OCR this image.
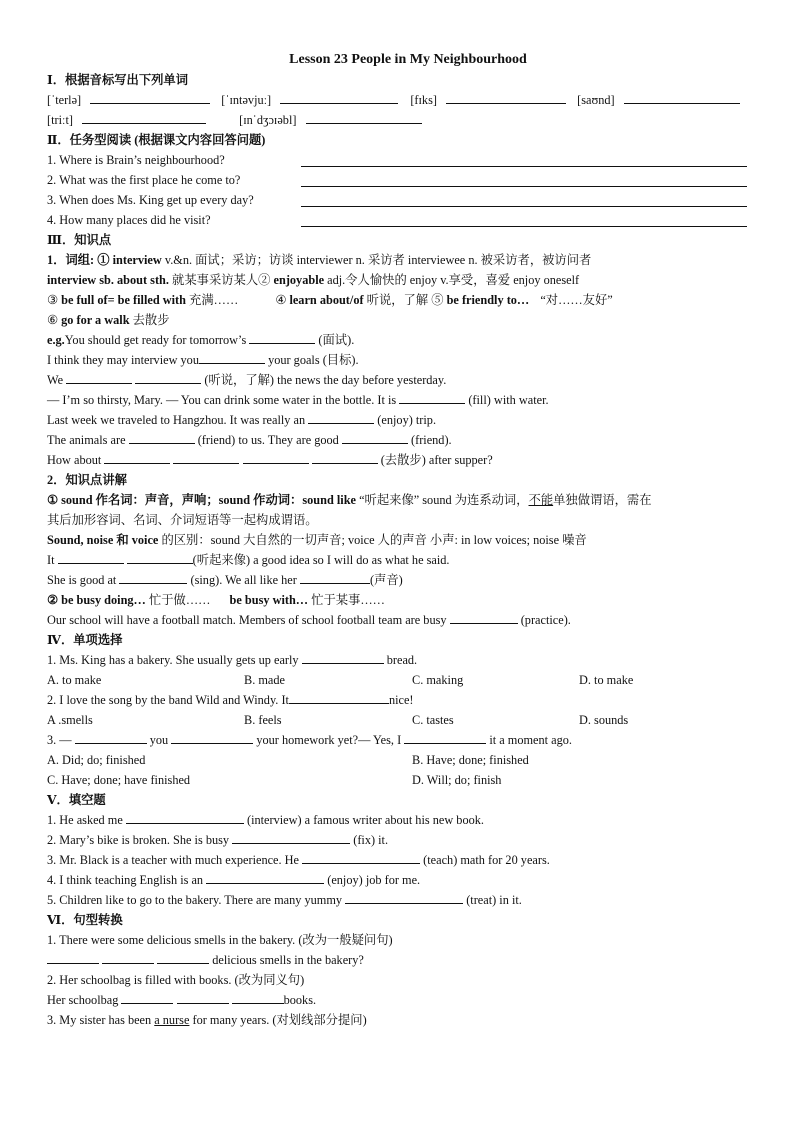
Lesson 23 People in My Neighbourhood
Ⅰ．根据音标写出下列单词
[ˈterlə]	[ˈɪntəvjuː]	[fɪks]	[saʊnd]
[triːt]	[ɪnˈdʒɔɪəbl]
Ⅱ．任务型阅读 (根据课文内容回答问题)
1. Where is Brain’s neighbourhood?
2. What was the first place he come to?
3. When does Ms. King get up every day?
4. How many places did he visit?
Ⅲ．知识点
1．词组: ① interview v.&n. 面试；采访；访谈 interviewer n. 采访者 interviewee n. 被采访者，被访问者
interview sb. about sth. 就某事采访某人② enjoyable adj.令人愉快的 enjoy v.享受，喜爱 enjoy oneself
③ be full of= be filled with 充满……	④ learn about/of 听说，了解 ⑤ be friendly to… “对……友好”
⑥ go for a walk 去散步
e.g.You should get ready for tomorrow’s	(面试).
I think they may interview you	your goals (目标).
We	(听说，了解) the news the day before yesterday.
— I’m so thirsty, Mary. — You can drink some water in the bottle. It is	(fill) with water.
Last week we traveled to Hangzhou. It was really an	(enjoy) trip.
The animals are	(friend) to us. They are good	(friend).
How about	(去散步) after supper?
2．知识点讲解
① sound 作名词：声音，声响；sound 作动词：sound like “听起来像” sound 为连系动词，不能单独做谓语，需在
其后加形容词、名词、介词短语等一起构成谓语。
Sound, noise 和 voice 的区别：sound 大自然的一切声音; voice 人的声音 小声: in low voices; noise 噪音
It	(听起来像) a good idea so I will do as what he said.
She is good at	(sing). We all like her	(声音)
② be busy doing… 忙于做…… be busy with… 忙于某事……
Our school will have a football match. Members of school football team are busy	(practice).
Ⅳ．单项选择
1. Ms. King has a bakery. She usually gets up early	bread.
A. to make	B. made	C. making	D. to make
2. I love the song by the band Wild and Windy. It	nice!
A .smells	B. feels	C. tastes	D. sounds
3. —	you	your homework yet?— Yes, I	it a moment ago.
A. Did; do; finished	B. Have; done; finished
C. Have; done; have finished	D. Will; do; finish
Ⅴ．填空题
1. He asked me	(interview) a famous writer about his new book.
2. Mary’s bike is broken. She is busy	(fix) it.
3. Mr. Black is a teacher with much experience. He	(teach) math for 20 years.
4. I think teaching English is an	(enjoy) job for me.
5. Children like to go to the bakery. There are many yummy	(treat) in it.
Ⅵ．句型转换
1. There were some delicious smells in the bakery. (改为一般疑问句)
delicious smells in the bakery?
2. Her schoolbag is filled with books. (改为同义句)
Her schoolbag	books.
3. My sister has been a nurse for many years. (对划线部分提问)
